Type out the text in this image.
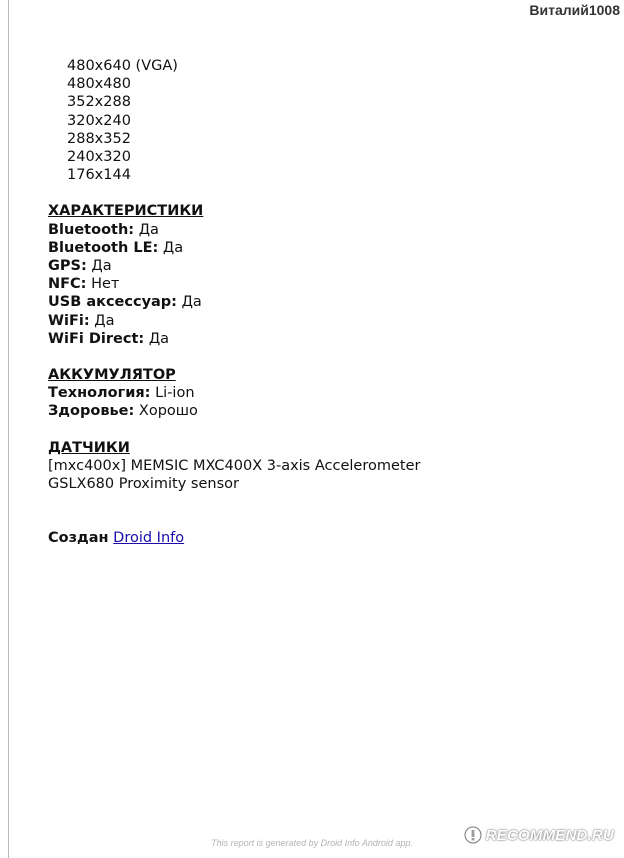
Виталий1008
480x640 (VGA)
480x480
352x288
320x240
288x352
240x320
176x144
ХАРАКТЕРИСТИКИ
Bluetooth: Да
Bluetooth LE: Да
GPS: Да
NFC: Нет
USB аксессуар: Да
WiFi: Да
WiFi Direct: Да
АККУМУЛЯТОР
Технология: Li-ion
Здоровье: Хорошо
ДАТЧИКИ
[mxc400x] MEMSIC MXC400X 3-axis Accelerometer
GSLX680 Proximity sensor
Создан Droid Info
This report is generated by Droid Info Android app.	RECOMMEND.RU
